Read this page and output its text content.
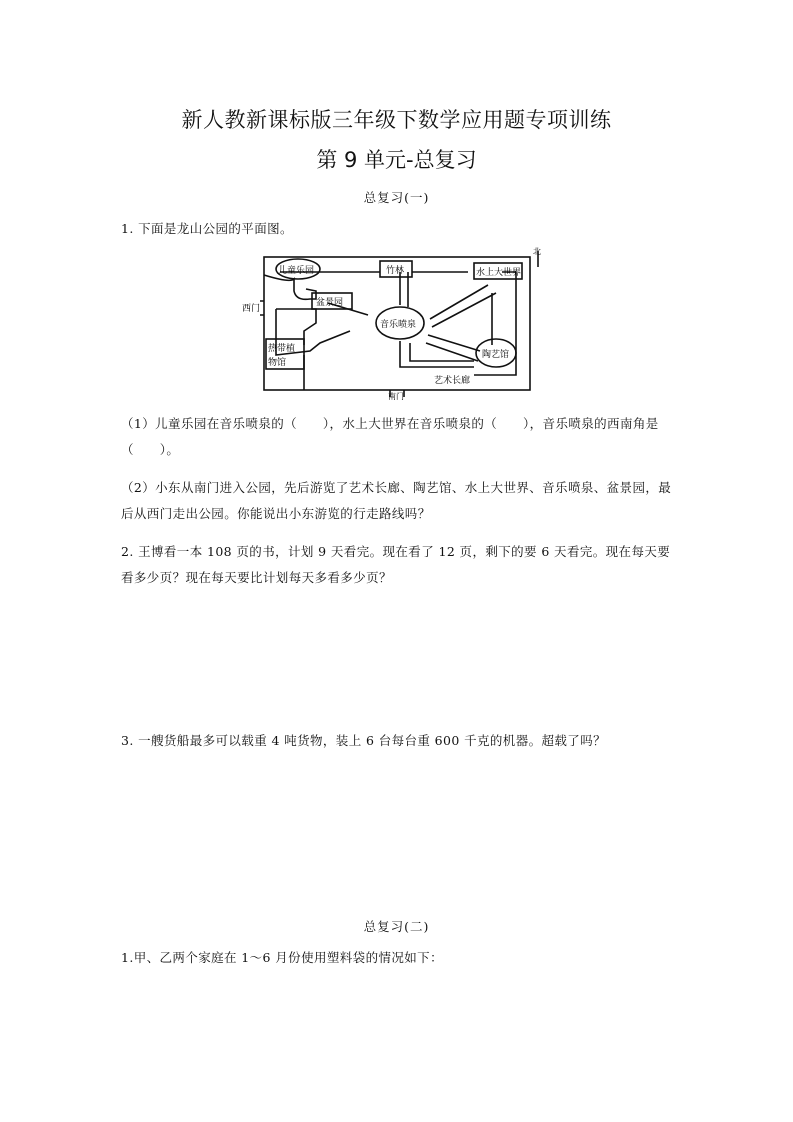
新人教新课标版三年级下数学应用题专项训练
第 9 单元-总复习
总复习(一)
1. 下面是龙山公园的平面图。
北
儿童乐园	竹林	水上大世界
盆景园
西门
音乐喷泉
热带植
物馆
陶艺馆
艺术长廊
南门
（1）儿童乐园在音乐喷泉的（　　），水上大世界在音乐喷泉的（　　），音乐喷泉的西南角是（　　）。
（2）小东从南门进入公园，先后游览了艺术长廊、陶艺馆、水上大世界、音乐喷泉、盆景园，最后从西门走出公园。你能说出小东游览的行走路线吗？
2. 王博看一本 108 页的书，计划 9 天看完。现在看了 12 页，剩下的要 6 天看完。现在每天要看多少页？现在每天要比计划每天多看多少页？
3. 一艘货船最多可以载重 4 吨货物，装上 6 台每台重 600 千克的机器。超载了吗？
总复习(二)
1.甲、乙两个家庭在 1～6 月份使用塑料袋的情况如下：
